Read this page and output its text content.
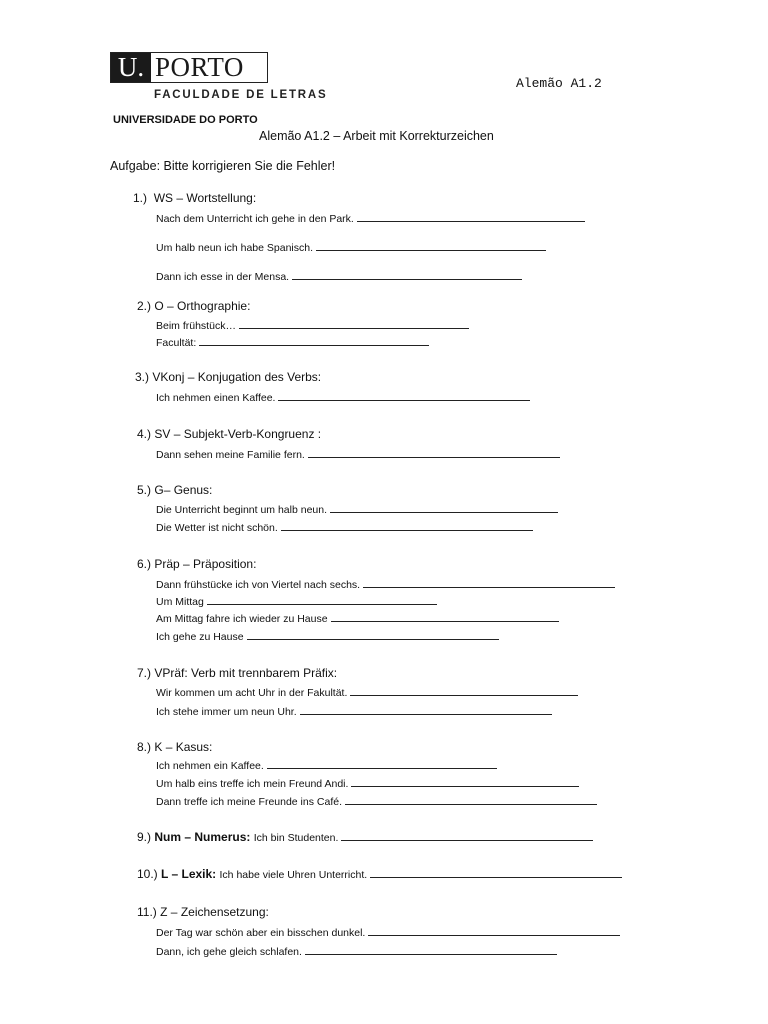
U. PORTO
FACULDADE DE LETRAS
Alemão A1.2
UNIVERSIDADE DO PORTO
Alemão A1.2 – Arbeit mit Korrekturzeichen
Aufgabe: Bitte korrigieren Sie die Fehler!
1.) WS – Wortstellung:
Nach dem Unterricht ich gehe in den Park.
Um halb neun ich habe Spanisch.
Dann ich esse in der Mensa.
2.) O – Orthographie:
Beim frühstück…
Facultät:
3.) VKonj – Konjugation des Verbs:
Ich nehmen einen Kaffee.
4.) SV – Subjekt-Verb-Kongruenz :
Dann sehen meine Familie fern.
5.) G– Genus:
Die Unterricht beginnt um halb neun.
Die Wetter ist nicht schön.
6.) Präp – Präposition:
Dann frühstücke ich von Viertel nach sechs.
Um Mittag
Am Mittag fahre ich wieder zu Hause
Ich gehe zu Hause
7.) VPräf: Verb mit trennbarem Präfix:
Wir kommen um acht Uhr in der Fakultät.
Ich stehe immer um neun Uhr.
8.) K – Kasus:
Ich nehmen ein Kaffee.
Um halb eins treffe ich mein Freund Andi.
Dann treffe ich meine Freunde ins Café.
9.) Num – Numerus: Ich bin Studenten.
10.) L – Lexik: Ich habe viele Uhren Unterricht.
11.) Z – Zeichensetzung:
Der Tag war schön aber ein bisschen dunkel.
Dann, ich gehe gleich schlafen.
